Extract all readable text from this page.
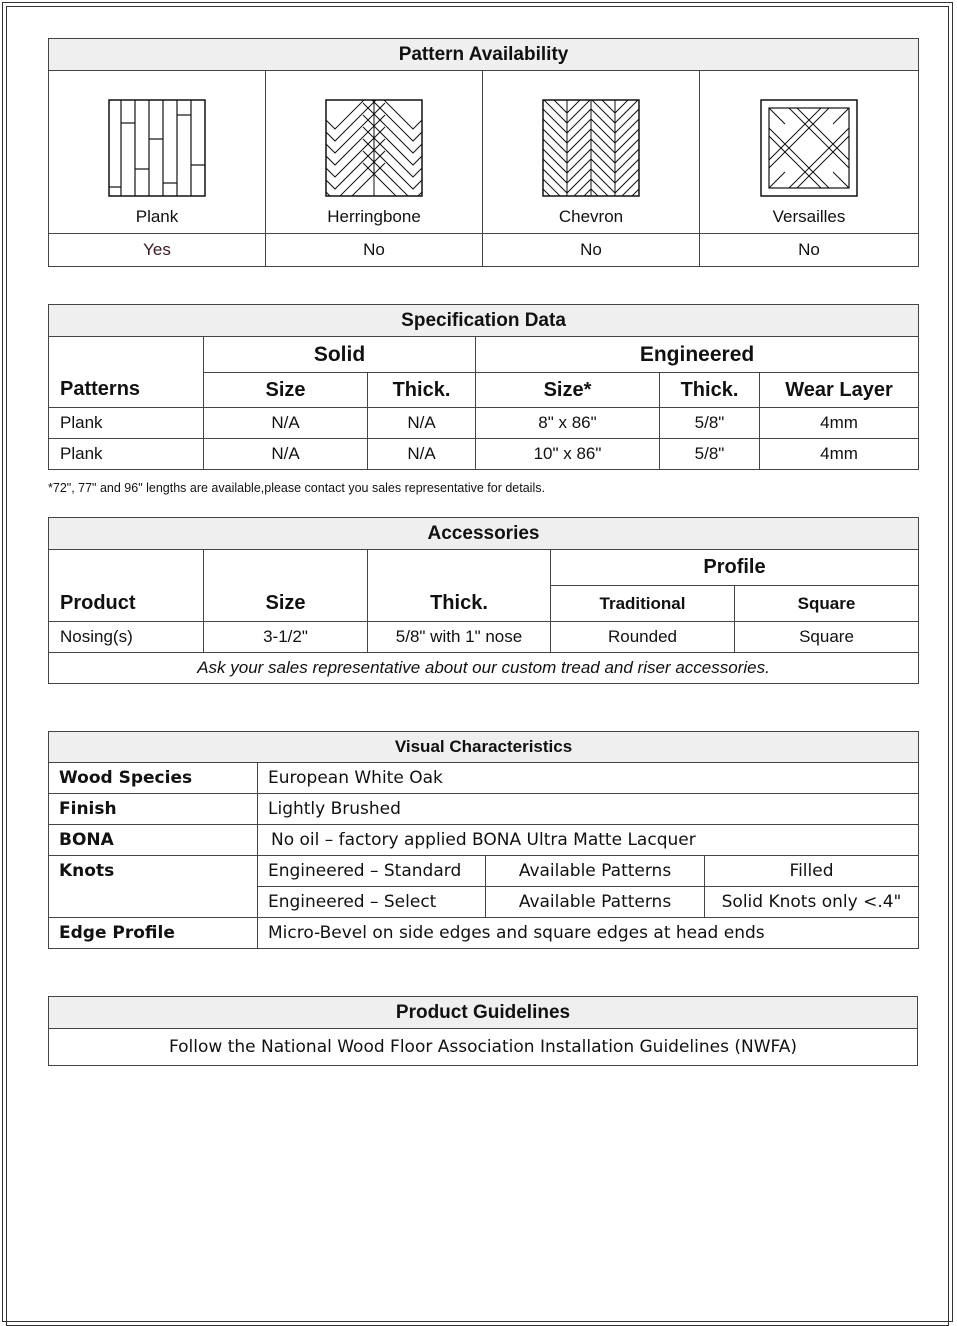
Pattern Availability			

Plank	Herringbone	Chevron	Versailles

Yes	No	No	No
Specification Data					
Patterns	Solid		Engineered		
	Size	Thick.	Size*	Thick.	Wear Layer
Plank	N/A	N/A	8" x 86"	5/8"	4mm
Plank	N/A	N/A	10" x 86"	5/8"	4mm
*72", 77" and 96" lengths are available,please contact you sales representative for details.
Accessories				
Product	Size	Thick.	Profile	
			Traditional	Square
Nosing(s)	3-1/2"	5/8" with 1" nose	Rounded	Square
Ask your sales representative about our custom tread and riser accessories.				
Visual Characteristics			
Wood Species	European White Oak		
Finish	Lightly Brushed		
BONA	No oil – factory applied BONA Ultra Matte Lacquer		
Knots	Engineered – Standard	Available Patterns	Filled
	Engineered – Select	Available Patterns	Solid Knots only <.4"
Edge Profile	Micro-Bevel on side edges and square edges at head ends		
Product Guidelines
Follow the National Wood Floor Association Installation Guidelines (NWFA)
